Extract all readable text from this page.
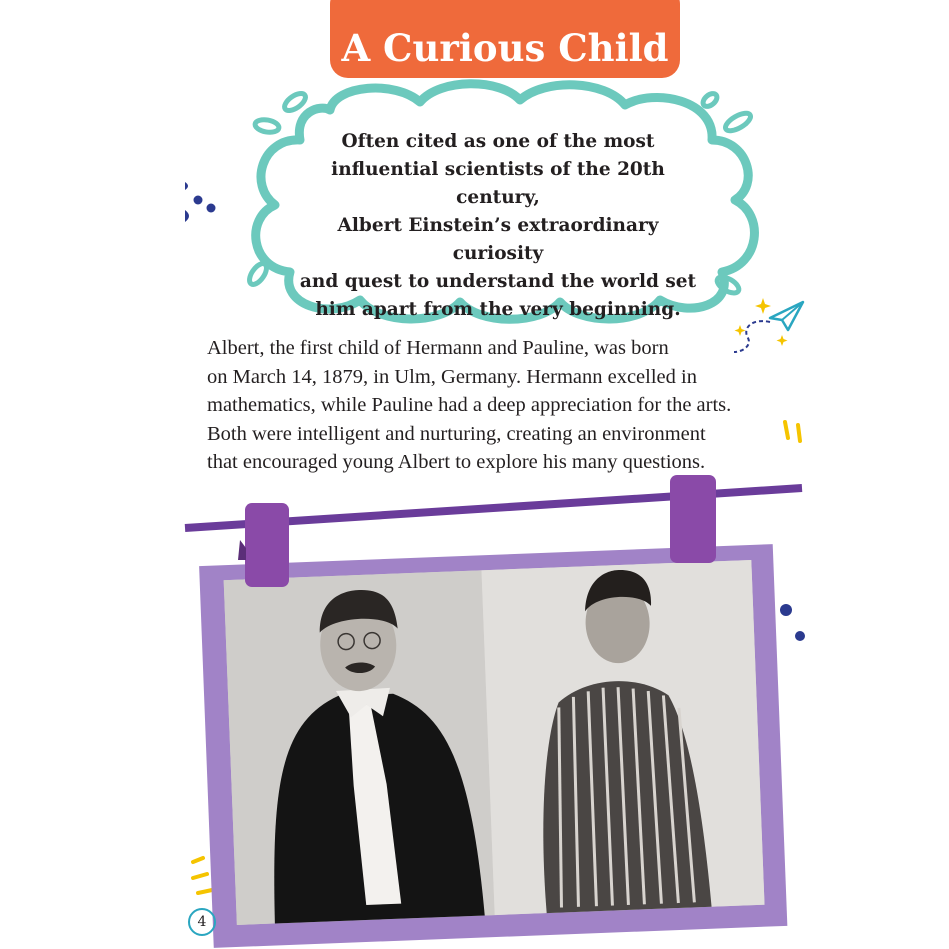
A Curious Child
Often cited as one of the most
influential scientists of the 20th century,
Albert Einstein’s extraordinary curiosity
and quest to understand the world set
him apart from the very beginning.
Albert, the first child of Hermann and Pauline, was born
on March 14, 1879, in Ulm, Germany. Hermann excelled in
mathematics, while Pauline had a deep appreciation for the arts.
Both were intelligent and nurturing, creating an environment
that encouraged young Albert to explore his many questions.
4
